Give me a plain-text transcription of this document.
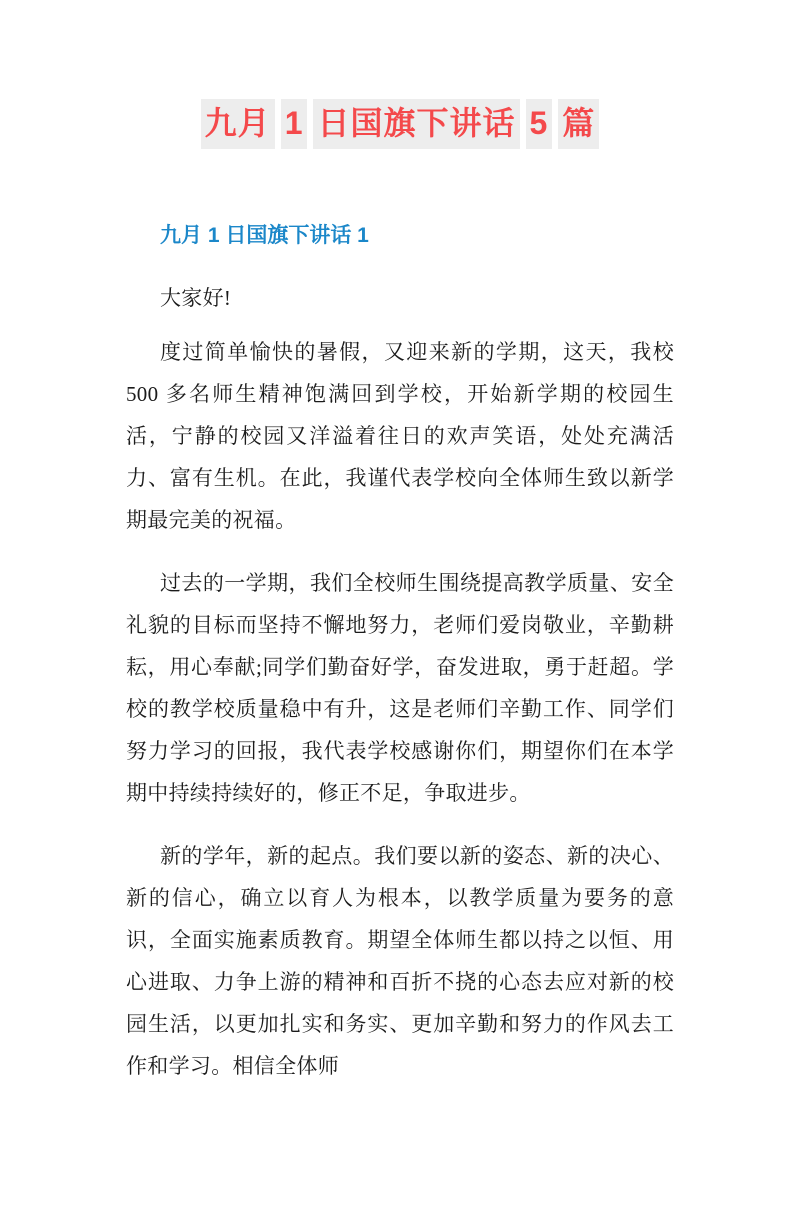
九月 1 日国旗下讲话 5 篇
九月 1 日国旗下讲话 1

大家好!

度过简单愉快的暑假，又迎来新的学期，这天，我校 500 多名师生精神饱满回到学校，开始新学期的校园生活，宁静的校园又洋溢着往日的欢声笑语，处处充满活力、富有生机。在此，我谨代表学校向全体师生致以新学期最完美的祝福。

过去的一学期，我们全校师生围绕提高教学质量、安全礼貌的目标而坚持不懈地努力，老师们爱岗敬业，辛勤耕耘，用心奉献;同学们勤奋好学，奋发进取，勇于赶超。学校的教学校质量稳中有升，这是老师们辛勤工作、同学们努力学习的回报，我代表学校感谢你们，期望你们在本学期中持续持续好的，修正不足，争取进步。

新的学年，新的起点。我们要以新的姿态、新的决心、新的信心，确立以育人为根本，以教学质量为要务的意识，全面实施素质教育。期望全体师生都以持之以恒、用心进取、力争上游的精神和百折不挠的心态去应对新的校园生活，以更加扎实和务实、更加辛勤和努力的作风去工作和学习。相信全体师
